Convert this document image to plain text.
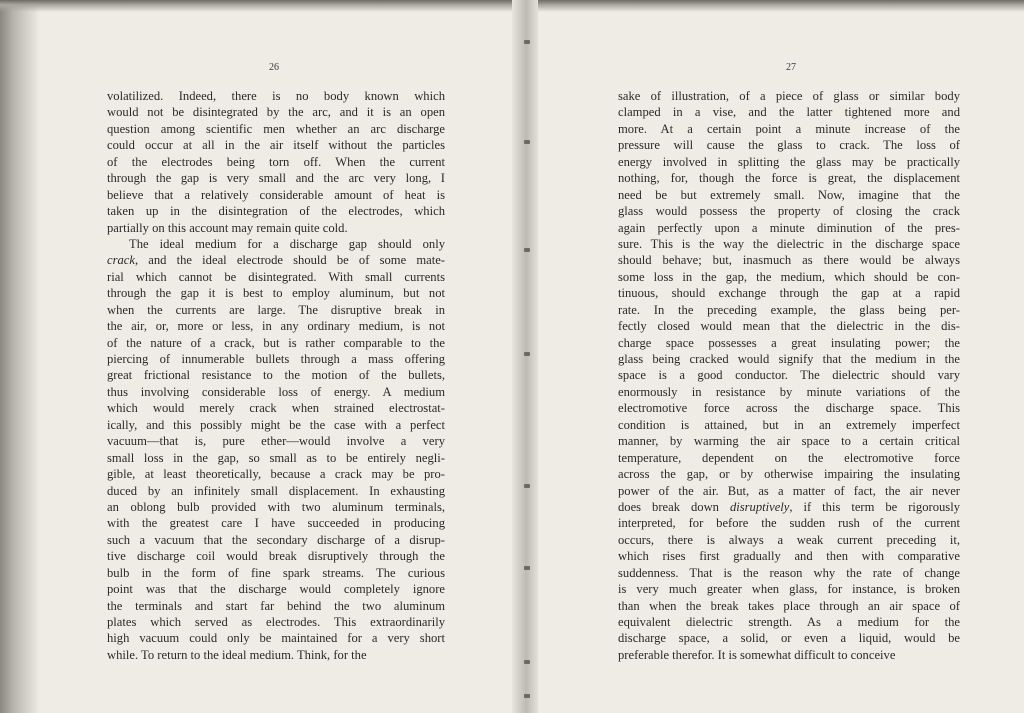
26
volatilized. Indeed, there is no body known which
would not be disintegrated by the arc, and it is an open
question among scientific men whether an arc discharge
could occur at all in the air itself without the particles
of the electrodes being torn off. When the current
through the gap is very small and the arc very long, I
believe that a relatively considerable amount of heat is
taken up in the disintegration of the electrodes, which
partially on this account may remain quite cold.
The ideal medium for a discharge gap should only
crack, and the ideal electrode should be of some mate-
rial which cannot be disintegrated. With small currents
through the gap it is best to employ aluminum, but not
when the currents are large. The disruptive break in
the air, or, more or less, in any ordinary medium, is not
of the nature of a crack, but is rather comparable to the
piercing of innumerable bullets through a mass offering
great frictional resistance to the motion of the bullets,
thus involving considerable loss of energy. A medium
which would merely crack when strained electrostat-
ically, and this possibly might be the case with a perfect
vacuum—that is, pure ether—would involve a very
small loss in the gap, so small as to be entirely negli-
gible, at least theoretically, because a crack may be pro-
duced by an infinitely small displacement. In exhausting
an oblong bulb provided with two aluminum terminals,
with the greatest care I have succeeded in producing
such a vacuum that the secondary discharge of a disrup-
tive discharge coil would break disruptively through the
bulb in the form of fine spark streams. The curious
point was that the discharge would completely ignore
the terminals and start far behind the two aluminum
plates which served as electrodes. This extraordinarily
high vacuum could only be maintained for a very short
while. To return to the ideal medium. Think, for the
27
sake of illustration, of a piece of glass or similar body
clamped in a vise, and the latter tightened more and
more. At a certain point a minute increase of the
pressure will cause the glass to crack. The loss of
energy involved in splitting the glass may be practically
nothing, for, though the force is great, the displacement
need be but extremely small. Now, imagine that the
glass would possess the property of closing the crack
again perfectly upon a minute diminution of the pres-
sure. This is the way the dielectric in the discharge space
should behave; but, inasmuch as there would be always
some loss in the gap, the medium, which should be con-
tinuous, should exchange through the gap at a rapid
rate. In the preceding example, the glass being per-
fectly closed would mean that the dielectric in the dis-
charge space possesses a great insulating power; the
glass being cracked would signify that the medium in the
space is a good conductor. The dielectric should vary
enormously in resistance by minute variations of the
electromotive force across the discharge space. This
condition is attained, but in an extremely imperfect
manner, by warming the air space to a certain critical
temperature, dependent on the electromotive force
across the gap, or by otherwise impairing the insulating
power of the air. But, as a matter of fact, the air never
does break down disruptively, if this term be rigorously
interpreted, for before the sudden rush of the current
occurs, there is always a weak current preceding it,
which rises first gradually and then with comparative
suddenness. That is the reason why the rate of change
is very much greater when glass, for instance, is broken
than when the break takes place through an air space of
equivalent dielectric strength. As a medium for the
discharge space, a solid, or even a liquid, would be
preferable therefor. It is somewhat difficult to conceive
